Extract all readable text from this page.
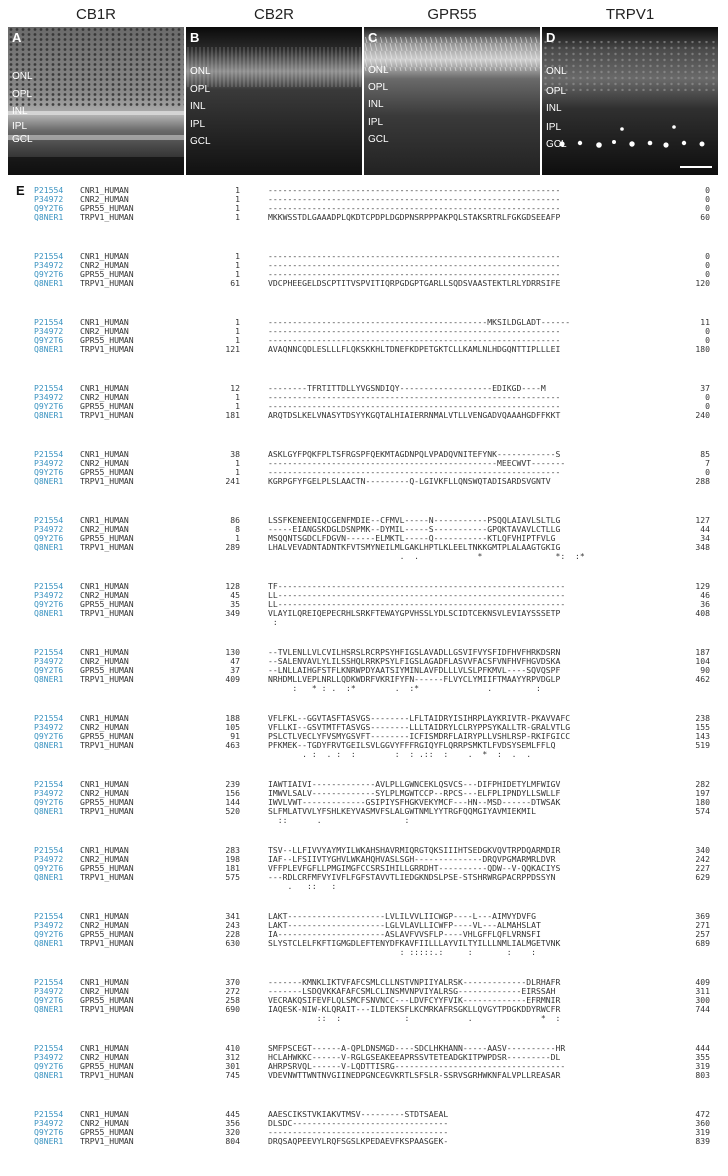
CB1R	CB2R	GPR55	TRPV1
A
ONL
OPL
INL
IPL
GCL
B
ONL
OPL
INL
IPL
GCL
C
ONL
OPL
INL
IPL
GCL
D
ONL
OPL
INL
IPL
GCL
E P21554 CNR1_HUMAN	1	------------------------------------------------------------	0
P34972 CNR2_HUMAN	1	------------------------------------------------------------	0
Q9Y2T6 GPR55_HUMAN	1	------------------------------------------------------------	0
Q8NER1 TRPV1_HUMAN	1	MKKWSSTDLGAAADPLQKDTCPDPLDGDPNSRPPPAKPQLSTAKSRTRLFGKGDSEEAFP	60
P21554 CNR1_HUMAN	1	------------------------------------------------------------	0
P34972 CNR2_HUMAN	1	------------------------------------------------------------	0
Q9Y2T6 GPR55_HUMAN	1	------------------------------------------------------------	0
Q8NER1 TRPV1_HUMAN	61	VDCPHEEGELDSCPTITVSPVITIQRPGDGPTGARLLSQDSVAASTEKTLRLYDRRSIFE	120
P21554 CNR1_HUMAN	1	---------------------------------------------MKSILDGLADT------	11
P34972 CNR2_HUMAN	1	------------------------------------------------------------	0
Q9Y2T6 GPR55_HUMAN	1	------------------------------------------------------------	0
Q8NER1 TRPV1_HUMAN	121	AVAQNNCQDLESLLLFLQKSKKHLTDNEFKDPETGKTCLLKAMLNLHDGQNTTIPLLLEI	180
P21554 CNR1_HUMAN	12	--------TFRTITTDLLYVGSNDIQY-------------------EDIKGD----M	37
P34972 CNR2_HUMAN	1	------------------------------------------------------------	0
Q9Y2T6 GPR55_HUMAN	1	------------------------------------------------------------	0
Q8NER1 TRPV1_HUMAN	181	ARQTDSLKELVNASYTDSYYKGQTALHIAIERRNMALVTLLVENGADVQAAAHGDFFKKT	240
P21554 CNR1_HUMAN	38	ASKLGYFPQKFPLTSFRGSPFQEKMTAGDNPQLVPADQVNITEFYNK------------S	85
P34972 CNR2_HUMAN	1	-----------------------------------------------MEECWVT-------	7
Q9Y2T6 GPR55_HUMAN	1	------------------------------------------------------------	0
Q8NER1 TRPV1_HUMAN	241	KGRPGFYFGELPLSLAACTN---------Q-LGIVKFLLQNSWQTADISARDSVGNTV	288
P21554 CNR1_HUMAN	86	LSSFKENEENIQCGENFMDIE--CFMVL-----N-----------PSQQLAIAVLSLTLG	127
P34972 CNR2_HUMAN	8	-----EIANGSKDGLDSNPMK--DYMIL-----S-----------GPQKTAVAVLCTLLG	44
Q9Y2T6 GPR55_HUMAN	1	MSQQNTSGDCLFDGVN------ELMKTL-----Q-----------KTLQFVHIPTFVLG	34
Q8NER1 TRPV1_HUMAN	289	LHALVEVADNTADNTKFVTSMYNEILMLGAKLHPTLKLEELTNKKGMTPLALAAGTGKIG	348
.  .            *               *:  :*
P21554 CNR1_HUMAN	128	TF-----------------------------------------------------------	129
P34972 CNR2_HUMAN	45	LL-----------------------------------------------------------	46
Q9Y2T6 GPR55_HUMAN	35	LL-----------------------------------------------------------	36
Q8NER1 TRPV1_HUMAN	349	VLAYILQREIQEPECRHLSRKFTEWAYGPVHSSLYDLSCIDTCEKNSVLEVIAYSSSETP	408
:
P21554 CNR1_HUMAN	130	--TVLENLLVLCVILHSRSLRCRPSYHFIGSLAVADLLGSVIFVYSFIDFHVFHRKDSRN	187
P34972 CNR2_HUMAN	47	--SALENVAVLYLILSSHQLRRKPSYLFIGSLAGADFLASVVFACSFVNFHVFHGVDSKA	104
Q9Y2T6 GPR55_HUMAN	37	--LNLLAIHGFSTFLKNRWPDYAATSIYMINLAVFDLLLVLSLPFKMVL----SQVQSPF	90
Q8NER1 TRPV1_HUMAN	409	NRHDMLLVEPLNRLLQDKWDRFVKRIFYFN------FLVYCLYMIIFTMAAYYRPVDGLP	462
:   * : .  :*        .  :*              .         :
P21554 CNR1_HUMAN	188	VFLFKL--GGVTASFTASVGS--------LFLTAIDRYISIHRPLAYKRIVTR-PKAVVAFC	238
P34972 CNR2_HUMAN	105	VFLLKI--GSVTMTFTASVGS--------LLLTAIDRYLCLRYPPSYKALLTR-GRALVTLG	155
Q9Y2T6 GPR55_HUMAN	91	PSLCTLVECLYFVSMYGSVFT--------ICFISMDRFLAIRYPLLVSHLRSP-RKIFGICC	143
Q8NER1 TRPV1_HUMAN	463	PFKMEK--TGDYFRVTGEILSVLGGVYFFFRGIQYFLQRRPSMKTLFVDSYSEMLFFLQ	519
. :  . :  :        :  : .::  :    .  *  :  .  .
P21554 CNR1_HUMAN	239	IAWTIAIVI-------------AVLPLLGWNCEKLQSVCS---DIFPHIDETYLMFWIGV	282
P34972 CNR2_HUMAN	156	IMWVLSALV-------------SYLPLMGWTCCP--RPCS---ELFPLIPNDYLLSWLLF	197
Q9Y2T6 GPR55_HUMAN	144	IWVLVWT-------------GSIPIYSFHGKVEKYMCF---HN--MSD------DTWSAK	180
Q8NER1 TRPV1_HUMAN	520	SLFMLATVVLYFSHLKEYVASMVFSLALGWTNMLYYTRGFQQMGIYAVMIEKMIL	574
::      .                 :
P21554 CNR1_HUMAN	283	TSV--LLFIVVYAYMYILWKAHSHAVRMIQRGTQKSIIIHTSEDGKVQVTRPDQARMDIR	340
P34972 CNR2_HUMAN	198	IAF--LFSIIVTYGHVLWKAHQHVASLSGH--------------DRQVPGMARMRLDVR	242
Q9Y2T6 GPR55_HUMAN	181	VFFPLEVFGFLLPMGIMGFCCSRSIHILLGRRDHT----------QDW--V-QQKACIYS	227
Q8NER1 TRPV1_HUMAN	575	---RDLCRFMFVYIVFLFGFSTAVVTLIEDGKNDSLPSE-STSHRWRGPACRPPDSSYN	629
.   ::   :
P21554 CNR1_HUMAN	341	LAKT--------------------LVLILVVLIICWGP----L---AIMVYDVFG	369
P34972 CNR2_HUMAN	243	LAKT--------------------LGLVLAVLLICWFP----VL---ALMAHSLAT	271
Q9Y2T6 GPR55_HUMAN	228	IA----------------------ASLAVFVVSFLP----VHLGFFLQFLVRNSFI	257
Q8NER1 TRPV1_HUMAN	630	SLYSTCLELFKFTIGMGDLEFTENYDFKAVFIILLLAYVILTYILLLNMLIALMGETVNK	689
: :::::.:     :       :    :
P21554 CNR1_HUMAN	370	-------KMNKLIKTVFAFCSMLCLLNSTVNPIIYALRSK-------------DLRHAFR	409
P34972 CNR2_HUMAN	272	-------LSDQVKKAFAFCSMLCLINSMVNPVIYALRSG-------------EIRSSAH	311
Q9Y2T6 GPR55_HUMAN	258	VECRAKQSIFEVFLQLSMCFSNVNCC---LDVFCYYFVIK-------------EFRMNIR	300
Q8NER1 TRPV1_HUMAN	690	IAQESK-NIW-KLQRAIT---ILDTEKSFLKCMRKAFRSGKLLQVGYTPDGKDDYRWCFR	744
::  :             :            .              *  :
P21554 CNR1_HUMAN	410	SMFPSCEGT------A-QPLDNSMGD----SDCLHKHANN-----AASV----------HR	444
P34972 CNR2_HUMAN	312	HCLAHWKKC------V-RGLGSEAKEEAPRSSVTETEADGKITPWPDSR---------DL	355
Q9Y2T6 GPR55_HUMAN	301	AHRPSRVQL------V-LQDTTISRG-----------------------------------	319
Q8NER1 TRPV1_HUMAN	745	VDEVNWTTWNTNVGIINEDPGNCEGVKRTLSFSLR-SSRVSGRHWKNFALVPLLREASAR	803
P21554 CNR1_HUMAN	445	AAESCIKSTVKIAKVTMSV---------STDTSAEAL	472
P34972 CNR2_HUMAN	356	DLSDC--------------------------------	360
Q9Y2T6 GPR55_HUMAN	320	-------------------------------------	319
Q8NER1 TRPV1_HUMAN	804	DRQSAQPEEVYLRQFSGSLKPEDAEVFKSPAASGEK-	839
